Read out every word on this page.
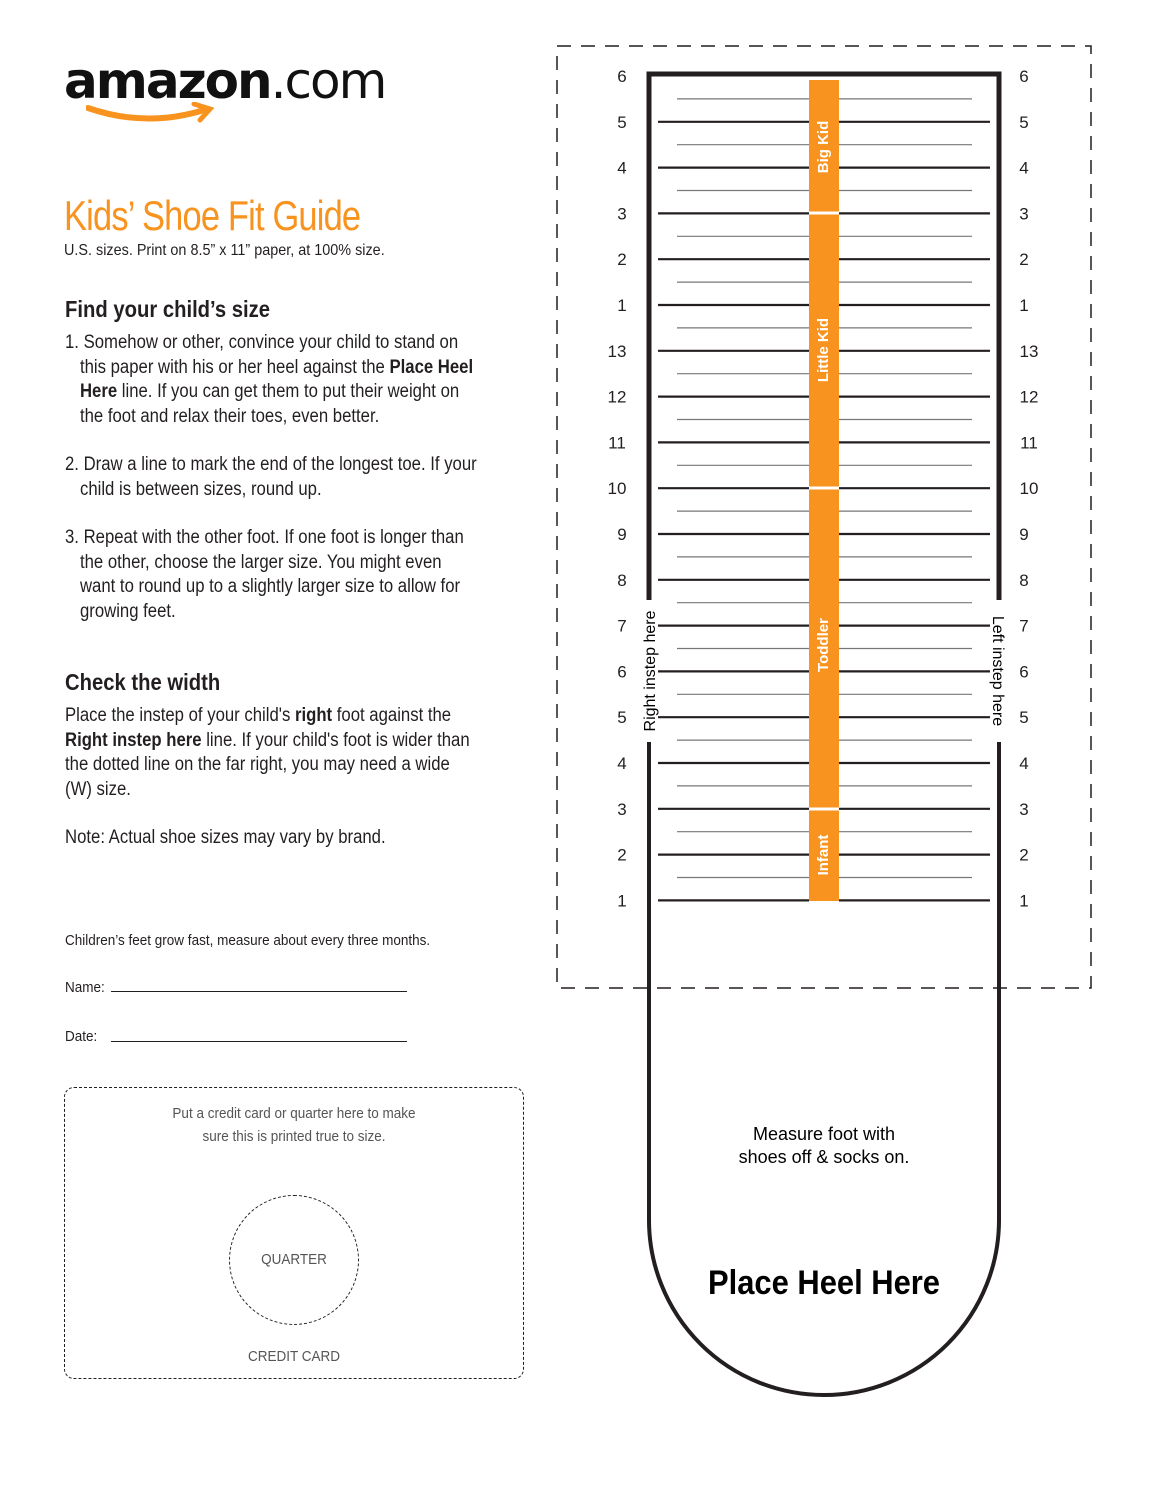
amazon.com
Kids’ Shoe Fit Guide
U.S. sizes. Print on 8.5” x 11” paper, at 100% size.
Find your child’s size
1. Somehow or other, convince your child to stand on this paper with his or her heel against the Place Heel Here line. If you can get them to put their weight on the foot and relax their toes, even better.
2. Draw a line to mark the end of the longest toe. If your child is between sizes, round up.
3. Repeat with the other foot. If one foot is longer than the other, choose the larger size. You might even want to round up to a slightly larger size to allow for growing feet.
Check the width
Place the instep of your child's right foot against the Right instep here line. If your child's foot is wider than the dotted line on the far right, you may need a wide (W) size.
Note: Actual shoe sizes may vary by brand.
Children’s feet grow fast, measure about every three months.
Name:
Date:
Put a credit card or quarter here to make
sure this is printed true to size.
QUARTER
CREDIT CARD
6	6
5	5
4	4
3	3
2	2
1	1
13	13
12	12
11	11
10	10
9	9
8	8
7	7
6	6
5	5
4	4
3	3
2	2
1	1
Big Kid
Little Kid
Toddler
Infant
Right instep here	Left instep here
Measure foot with
shoes off & socks on.
Place Heel Here
